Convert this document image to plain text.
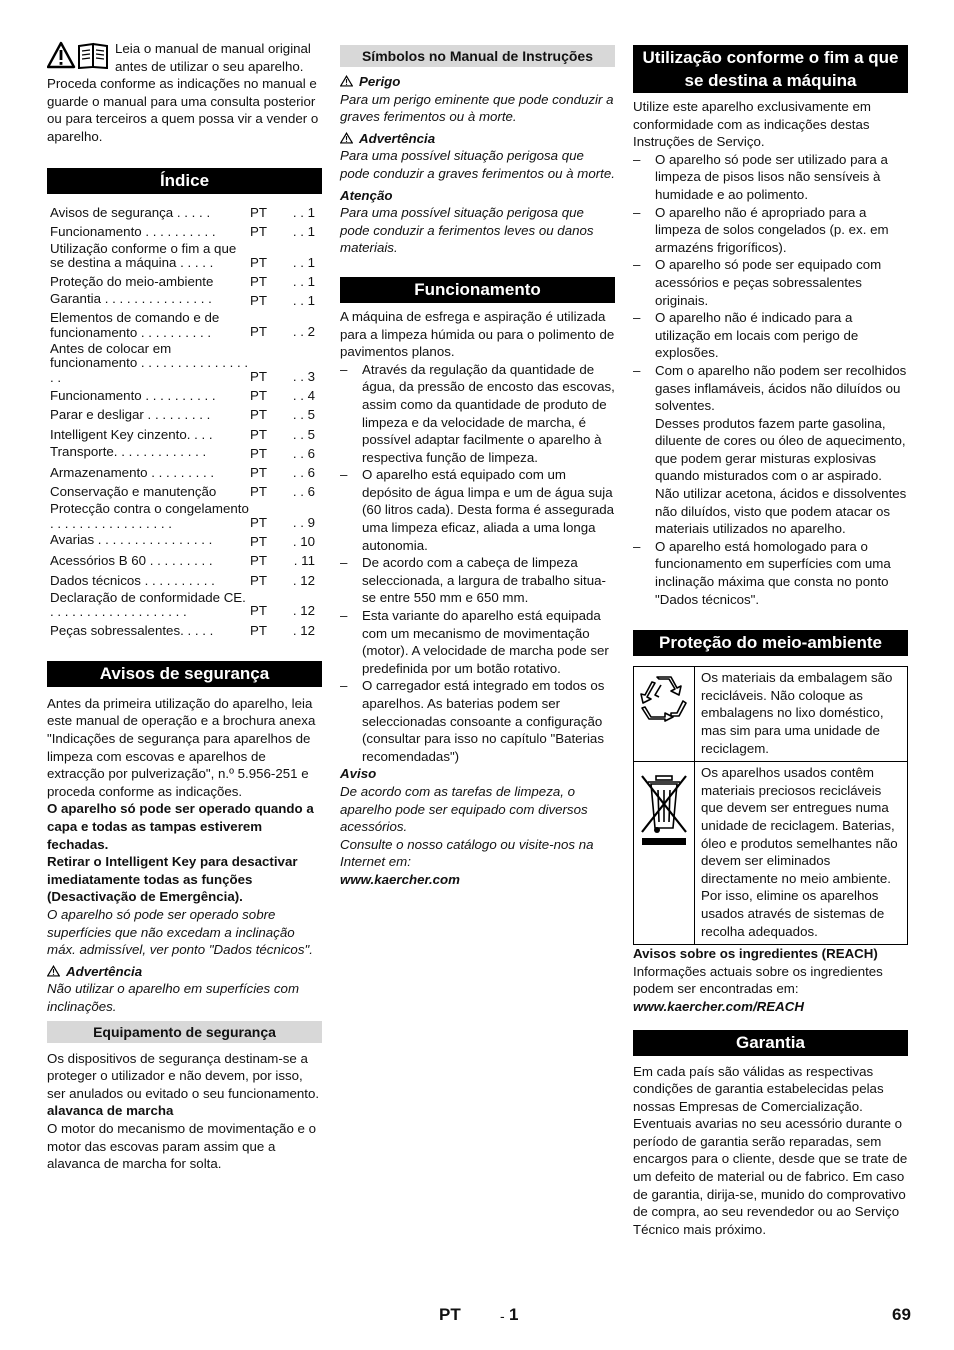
Leia o manual de manual original antes de utilizar o seu aparelho. Proceda conforme as indicações no manual e guarde o manual para uma consulta posterior ou para terceiros a quem possa vir a vender o aparelho.

Índice
Avisos de segurança . . . . .	PT	. . 1
Funcionamento . . . . . . . . . .	PT	. . 1
Utilização conforme o fim a que se destina a máquina . . . . .	PT	. . 1
Proteção do meio-ambiente	PT	. . 1
Garantia . . . . . . . . . . . . . . .	PT	. . 1
Elementos de comando e de funcionamento . . . . . . . . . .	PT	. . 2
Antes de colocar em funcionamento . . . . . . . . . . . . . . . . .	PT	. . 3
Funcionamento . . . . . . . . . .	PT	. . 4
Parar e desligar . . . . . . . . .	PT	. . 5
Intelligent Key cinzento. . . .	PT	. . 5
Transporte. . . . . . . . . . . . .	PT	. . 6
Armazenamento . . . . . . . . .	PT	. . 6
Conservação e manutenção	PT	. . 6
Protecção contra o congelamento . . . . . . . . . . . . . . . . .	PT	. . 9
Avarias . . . . . . . . . . . . . . . .	PT	. 10
Acessórios B 60 . . . . . . . . .	PT	. 11
Dados técnicos . . . . . . . . . .	PT	. 12
Declaração de conformidade CE. . . . . . . . . . . . . . . . . . . .	PT	. 12
Peças sobressalentes. . . . .	PT	. 12
Avisos de segurança

Antes da primeira utilização do aparelho, leia este manual de operação e a brochura anexa "Indicações de segurança para aparelhos de limpeza com escovas e aparelhos de extracção por pulverização", n.º 5.956-251 e proceda conforme as indicações.

O aparelho só pode ser operado quando a capa e todas as tampas estiverem fechadas.

Retirar o Intelligent Key para desactivar imediatamente todas as funções (Desactivação de Emergência).

O aparelho só pode ser operado sobre superfícies que não excedam a inclinação máx. admissível, ver ponto "Dados técnicos".

Advertência

Não utilizar o aparelho em superfícies com inclinações.

Equipamento de segurança

Os dispositivos de segurança destinam-se a proteger o utilizador e não devem, por isso, ser anulados ou evitado o seu funcionamento.

alavanca de marcha

O motor do mecanismo de movimentação e o motor das escovas param assim que a alavanca de marcha for solta.

Símbolos no Manual de Instruções

Perigo

Para um perigo eminente que pode conduzir a graves ferimentos ou à morte.

Advertência

Para uma possível situação perigosa que pode conduzir a graves ferimentos ou à morte.

Atenção

Para uma possível situação perigosa que pode conduzir a ferimentos leves ou danos materiais.

Funcionamento

A máquina de esfrega e aspiração é utilizada para a limpeza húmida ou para o polimento de pavimentos planos.

–	Através da regulação da quantidade de água, da pressão de encosto das escovas, assim como da quantidade de produto de limpeza e da velocidade de marcha, é possível adaptar facilmente o aparelho à respectiva função de limpeza.
–	O aparelho está equipado com um depósito de água limpa e um de água suja (60 litros cada). Desta forma é assegurada uma limpeza eficaz, aliada a uma longa autonomia.
–	De acordo com a cabeça de limpeza seleccionada, a largura de trabalho situa-se entre 550 mm e 650 mm.
–	Esta variante do aparelho está equipada com um mecanismo de movimentação (motor). A velocidade de marcha pode ser predefinida por um botão rotativo.
–	O carregador está integrado em todos os aparelhos. As baterias podem ser seleccionadas consoante a configuração (consultar para isso no capítulo "Baterias recomendadas")

Aviso

De acordo com as tarefas de limpeza, o aparelho pode ser equipado com diversos acessórios.

Consulte o nosso catálogo ou visite-nos na Internet em:

www.kaercher.com

Utilização conforme o fim a que se destina a máquina

Utilize este aparelho exclusivamente em conformidade com as indicações destas Instruções de Serviço.

–	O aparelho só pode ser utilizado para a limpeza de pisos lisos não sensíveis à humidade e ao polimento.
–	O aparelho não é apropriado para a limpeza de solos congelados (p. ex. em armazéns frigoríficos).
–	O aparelho só pode ser equipado com acessórios e peças sobressalentes originais.
–	O aparelho não é indicado para a utilização em locais com perigo de explosões.
–	Com o aparelho não podem ser recolhidos gases inflamáveis, ácidos não diluídos ou solventes.
Desses produtos fazem parte gasolina, diluente de cores ou óleo de aquecimento, que podem gerar misturas explosivas quando misturados com o ar aspirado. Não utilizar acetona, ácidos e dissolventes não diluídos, visto que podem atacar os materiais utilizados no aparelho.
–	O aparelho está homologado para o funcionamento em superfícies com uma inclinação máxima que consta no ponto "Dados técnicos".
Proteção do meio-ambiente
Os materiais da embalagem são recicláveis. Não coloque as embalagens no lixo doméstico, mas sim para uma unidade de reciclagem.
Os aparelhos usados contêm materiais preciosos recicláveis que devem ser entregues numa unidade de reciclagem. Baterias, óleo e produtos semelhantes não devem ser eliminados directamente no meio ambiente. Por isso, elimine os aparelhos usados através de sistemas de recolha adequados.

Avisos sobre os ingredientes (REACH)

Informações actuais sobre os ingredientes podem ser encontradas em:

www.kaercher.com/REACH

Garantia

Em cada país são válidas as respectivas condições de garantia estabelecidas pelas nossas Empresas de Comercialização. Eventuais avarias no seu acessório durante o período de garantia serão reparadas, sem encargos para o cliente, desde que se trate de um defeito de material ou de fabrico. Em caso de garantia, dirija-se, munido do comprovativo de compra, ao seu revendedor ou ao Serviço Técnico mais próximo.

PT	- 1	69
